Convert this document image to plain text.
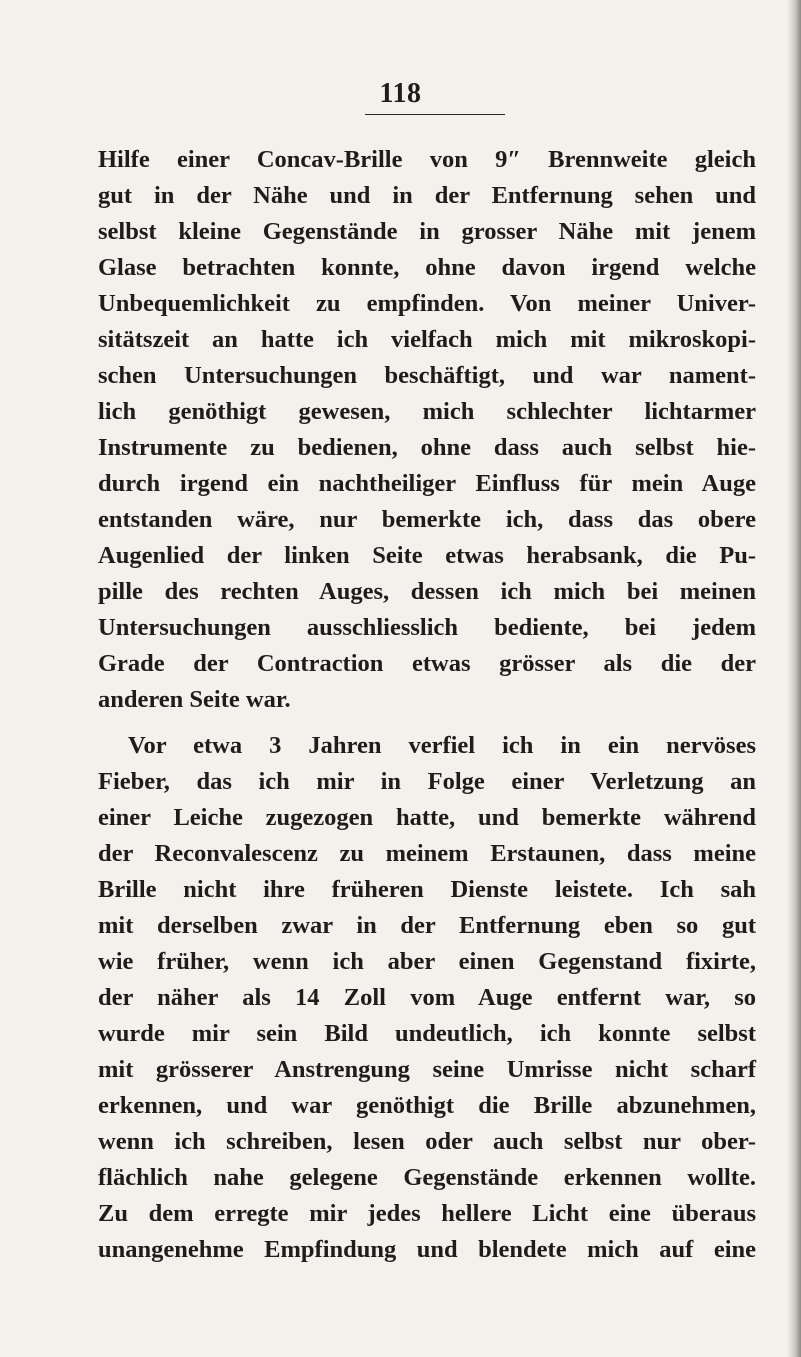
118
Hilfe einer Concav-Brille von 9″ Brennweite gleich
gut in der Nähe und in der Entfernung sehen und
selbst kleine Gegenstände in grosser Nähe mit jenem
Glase betrachten konnte, ohne davon irgend welche
Unbequemlichkeit zu empfinden. Von meiner Univer-
sitätszeit an hatte ich vielfach mich mit mikroskopi-
schen Untersuchungen beschäftigt, und war nament-
lich genöthigt gewesen, mich schlechter lichtarmer
Instrumente zu bedienen, ohne dass auch selbst hie-
durch irgend ein nachtheiliger Einfluss für mein Auge
entstanden wäre, nur bemerkte ich, dass das obere
Augenlied der linken Seite etwas herabsank, die Pu-
pille des rechten Auges, dessen ich mich bei meinen
Untersuchungen ausschliesslich bediente, bei jedem
Grade der Contraction etwas grösser als die der
anderen Seite war.
Vor etwa 3 Jahren verfiel ich in ein nervöses
Fieber, das ich mir in Folge einer Verletzung an
einer Leiche zugezogen hatte, und bemerkte während
der Reconvalescenz zu meinem Erstaunen, dass meine
Brille nicht ihre früheren Dienste leistete. Ich sah
mit derselben zwar in der Entfernung eben so gut
wie früher, wenn ich aber einen Gegenstand fixirte,
der näher als 14 Zoll vom Auge entfernt war, so
wurde mir sein Bild undeutlich, ich konnte selbst
mit grösserer Anstrengung seine Umrisse nicht scharf
erkennen, und war genöthigt die Brille abzunehmen,
wenn ich schreiben, lesen oder auch selbst nur ober-
flächlich nahe gelegene Gegenstände erkennen wollte.
Zu dem erregte mir jedes hellere Licht eine überaus
unangenehme Empfindung und blendete mich auf eine
